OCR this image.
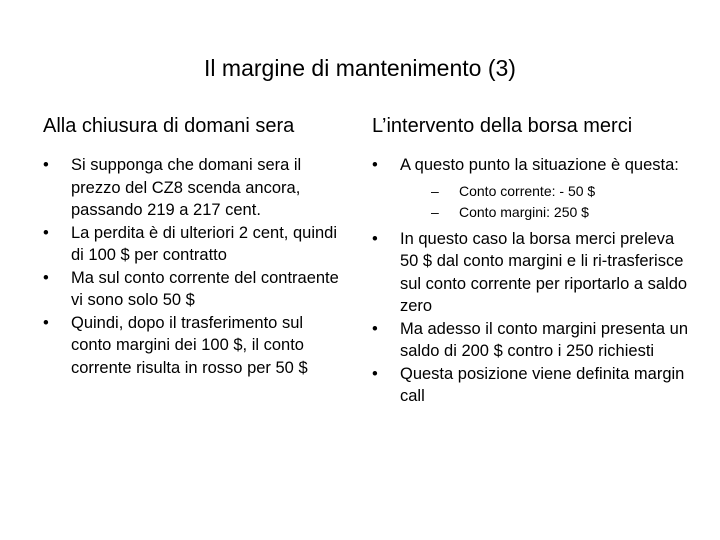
Il margine di mantenimento (3)
Alla chiusura di domani sera
•	Si supponga che domani sera il prezzo del CZ8 scenda ancora, passando 219 a 217 cent.
•	La perdita è di ulteriori 2 cent, quindi di 100 $ per contratto
•	Ma sul conto corrente del contraente vi sono solo 50 $
•	Quindi, dopo il trasferimento sul conto margini dei 100 $, il conto corrente risulta in rosso per 50 $
L’intervento della borsa merci
•	A questo punto la situazione è questa:
– Conto corrente: - 50 $
– Conto margini: 250 $
•	In questo caso la borsa merci preleva 50 $ dal conto margini e li ri-trasferisce sul conto corrente per riportarlo a saldo zero
•	Ma adesso il conto margini presenta un saldo di 200 $ contro i 250 richiesti
•	Questa posizione viene definita margin call
